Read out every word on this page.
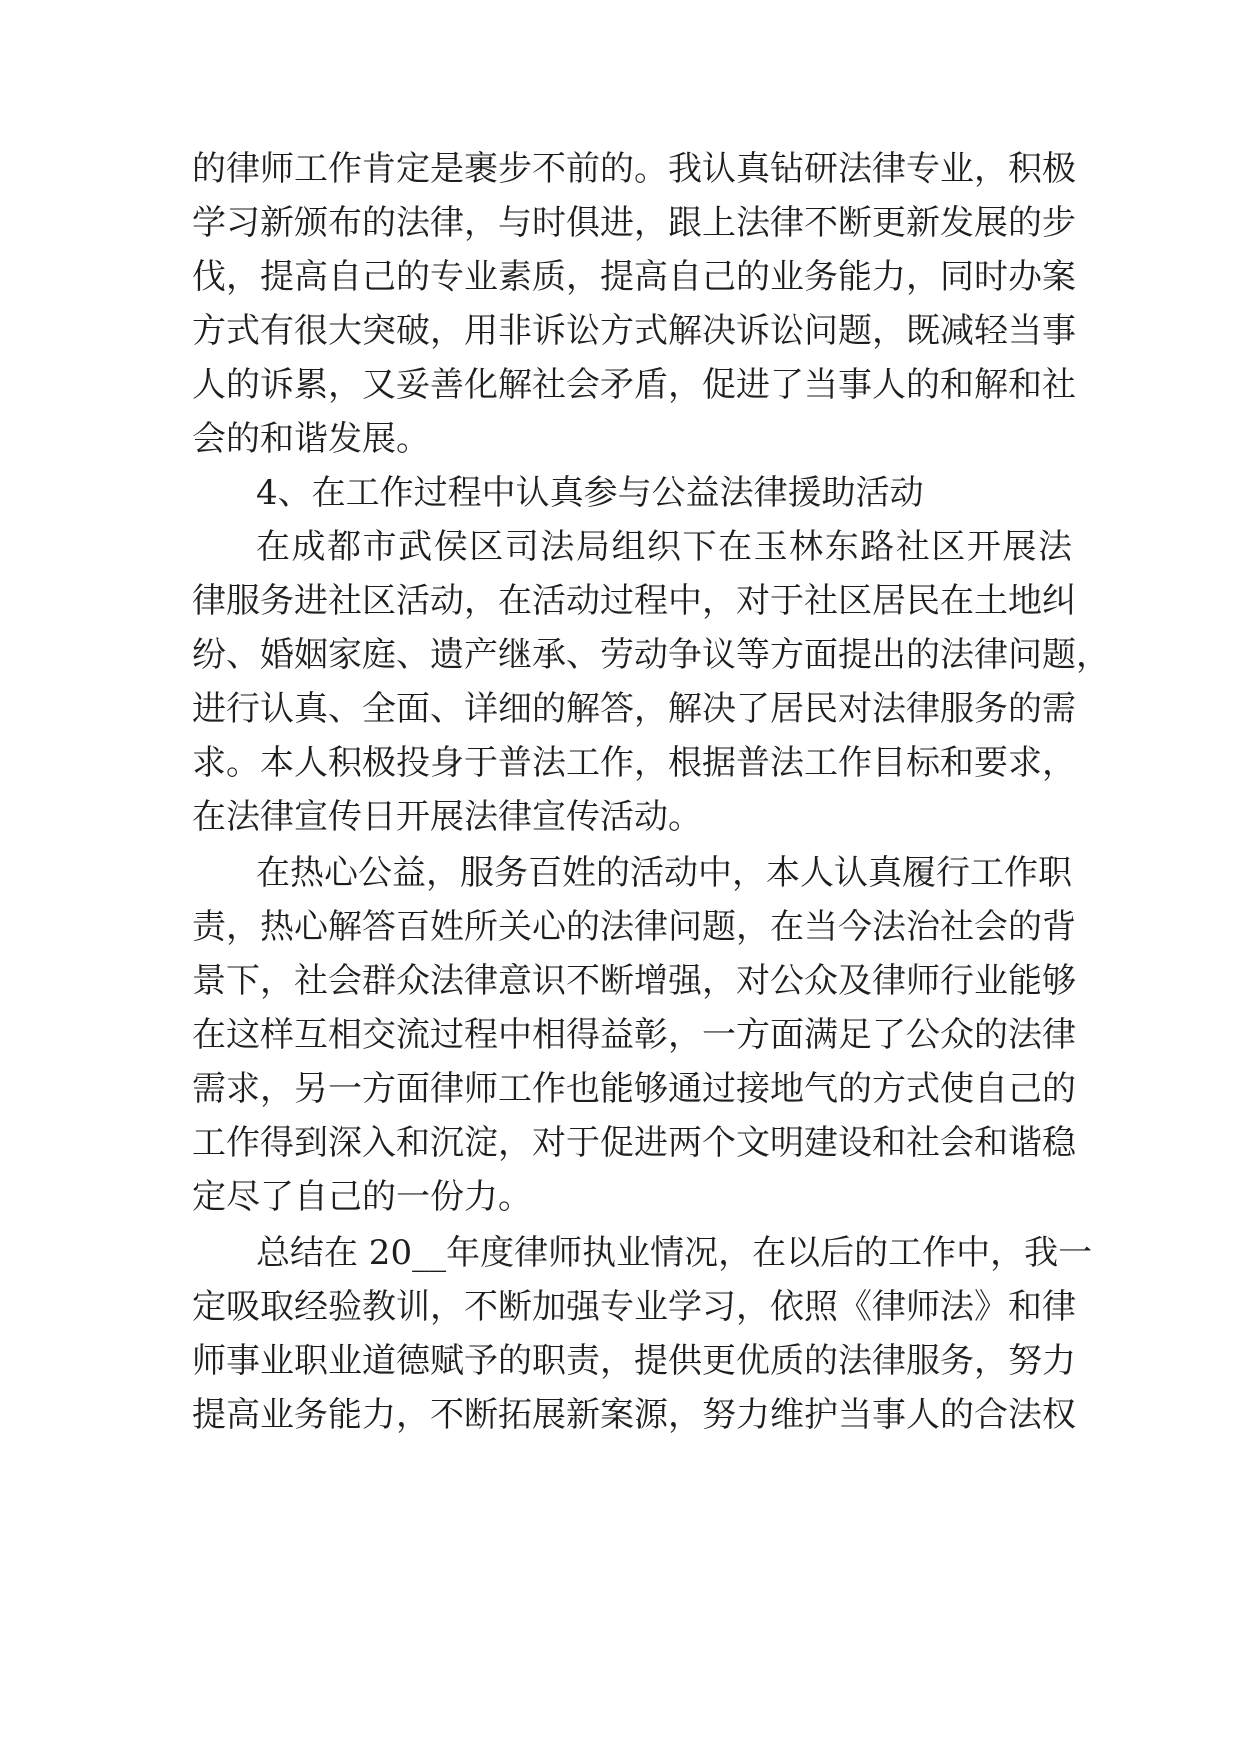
的律师工作肯定是裹步不前的。我认真钻研法律专业，积极
学习新颁布的法律，与时俱进，跟上法律不断更新发展的步
伐，提高自己的专业素质，提高自己的业务能力，同时办案
方式有很大突破，用非诉讼方式解决诉讼问题，既减轻当事
人的诉累，又妥善化解社会矛盾，促进了当事人的和解和社
会的和谐发展。
4、在工作过程中认真参与公益法律援助活动
在成都市武侯区司法局组织下在玉林东路社区开展法
律服务进社区活动，在活动过程中，对于社区居民在土地纠
纷、婚姻家庭、遗产继承、劳动争议等方面提出的法律问题，
进行认真、全面、详细的解答，解决了居民对法律服务的需
求。本人积极投身于普法工作，根据普法工作目标和要求，
在法律宣传日开展法律宣传活动。
在热心公益，服务百姓的活动中，本人认真履行工作职
责，热心解答百姓所关心的法律问题，在当今法治社会的背
景下，社会群众法律意识不断增强，对公众及律师行业能够
在这样互相交流过程中相得益彰，一方面满足了公众的法律
需求，另一方面律师工作也能够通过接地气的方式使自己的
工作得到深入和沉淀，对于促进两个文明建设和社会和谐稳
定尽了自己的一份力。
总结在 20__年度律师执业情况，在以后的工作中，我一
定吸取经验教训，不断加强专业学习，依照《律师法》和律
师事业职业道德赋予的职责，提供更优质的法律服务，努力
提高业务能力，不断拓展新案源，努力维护当事人的合法权
